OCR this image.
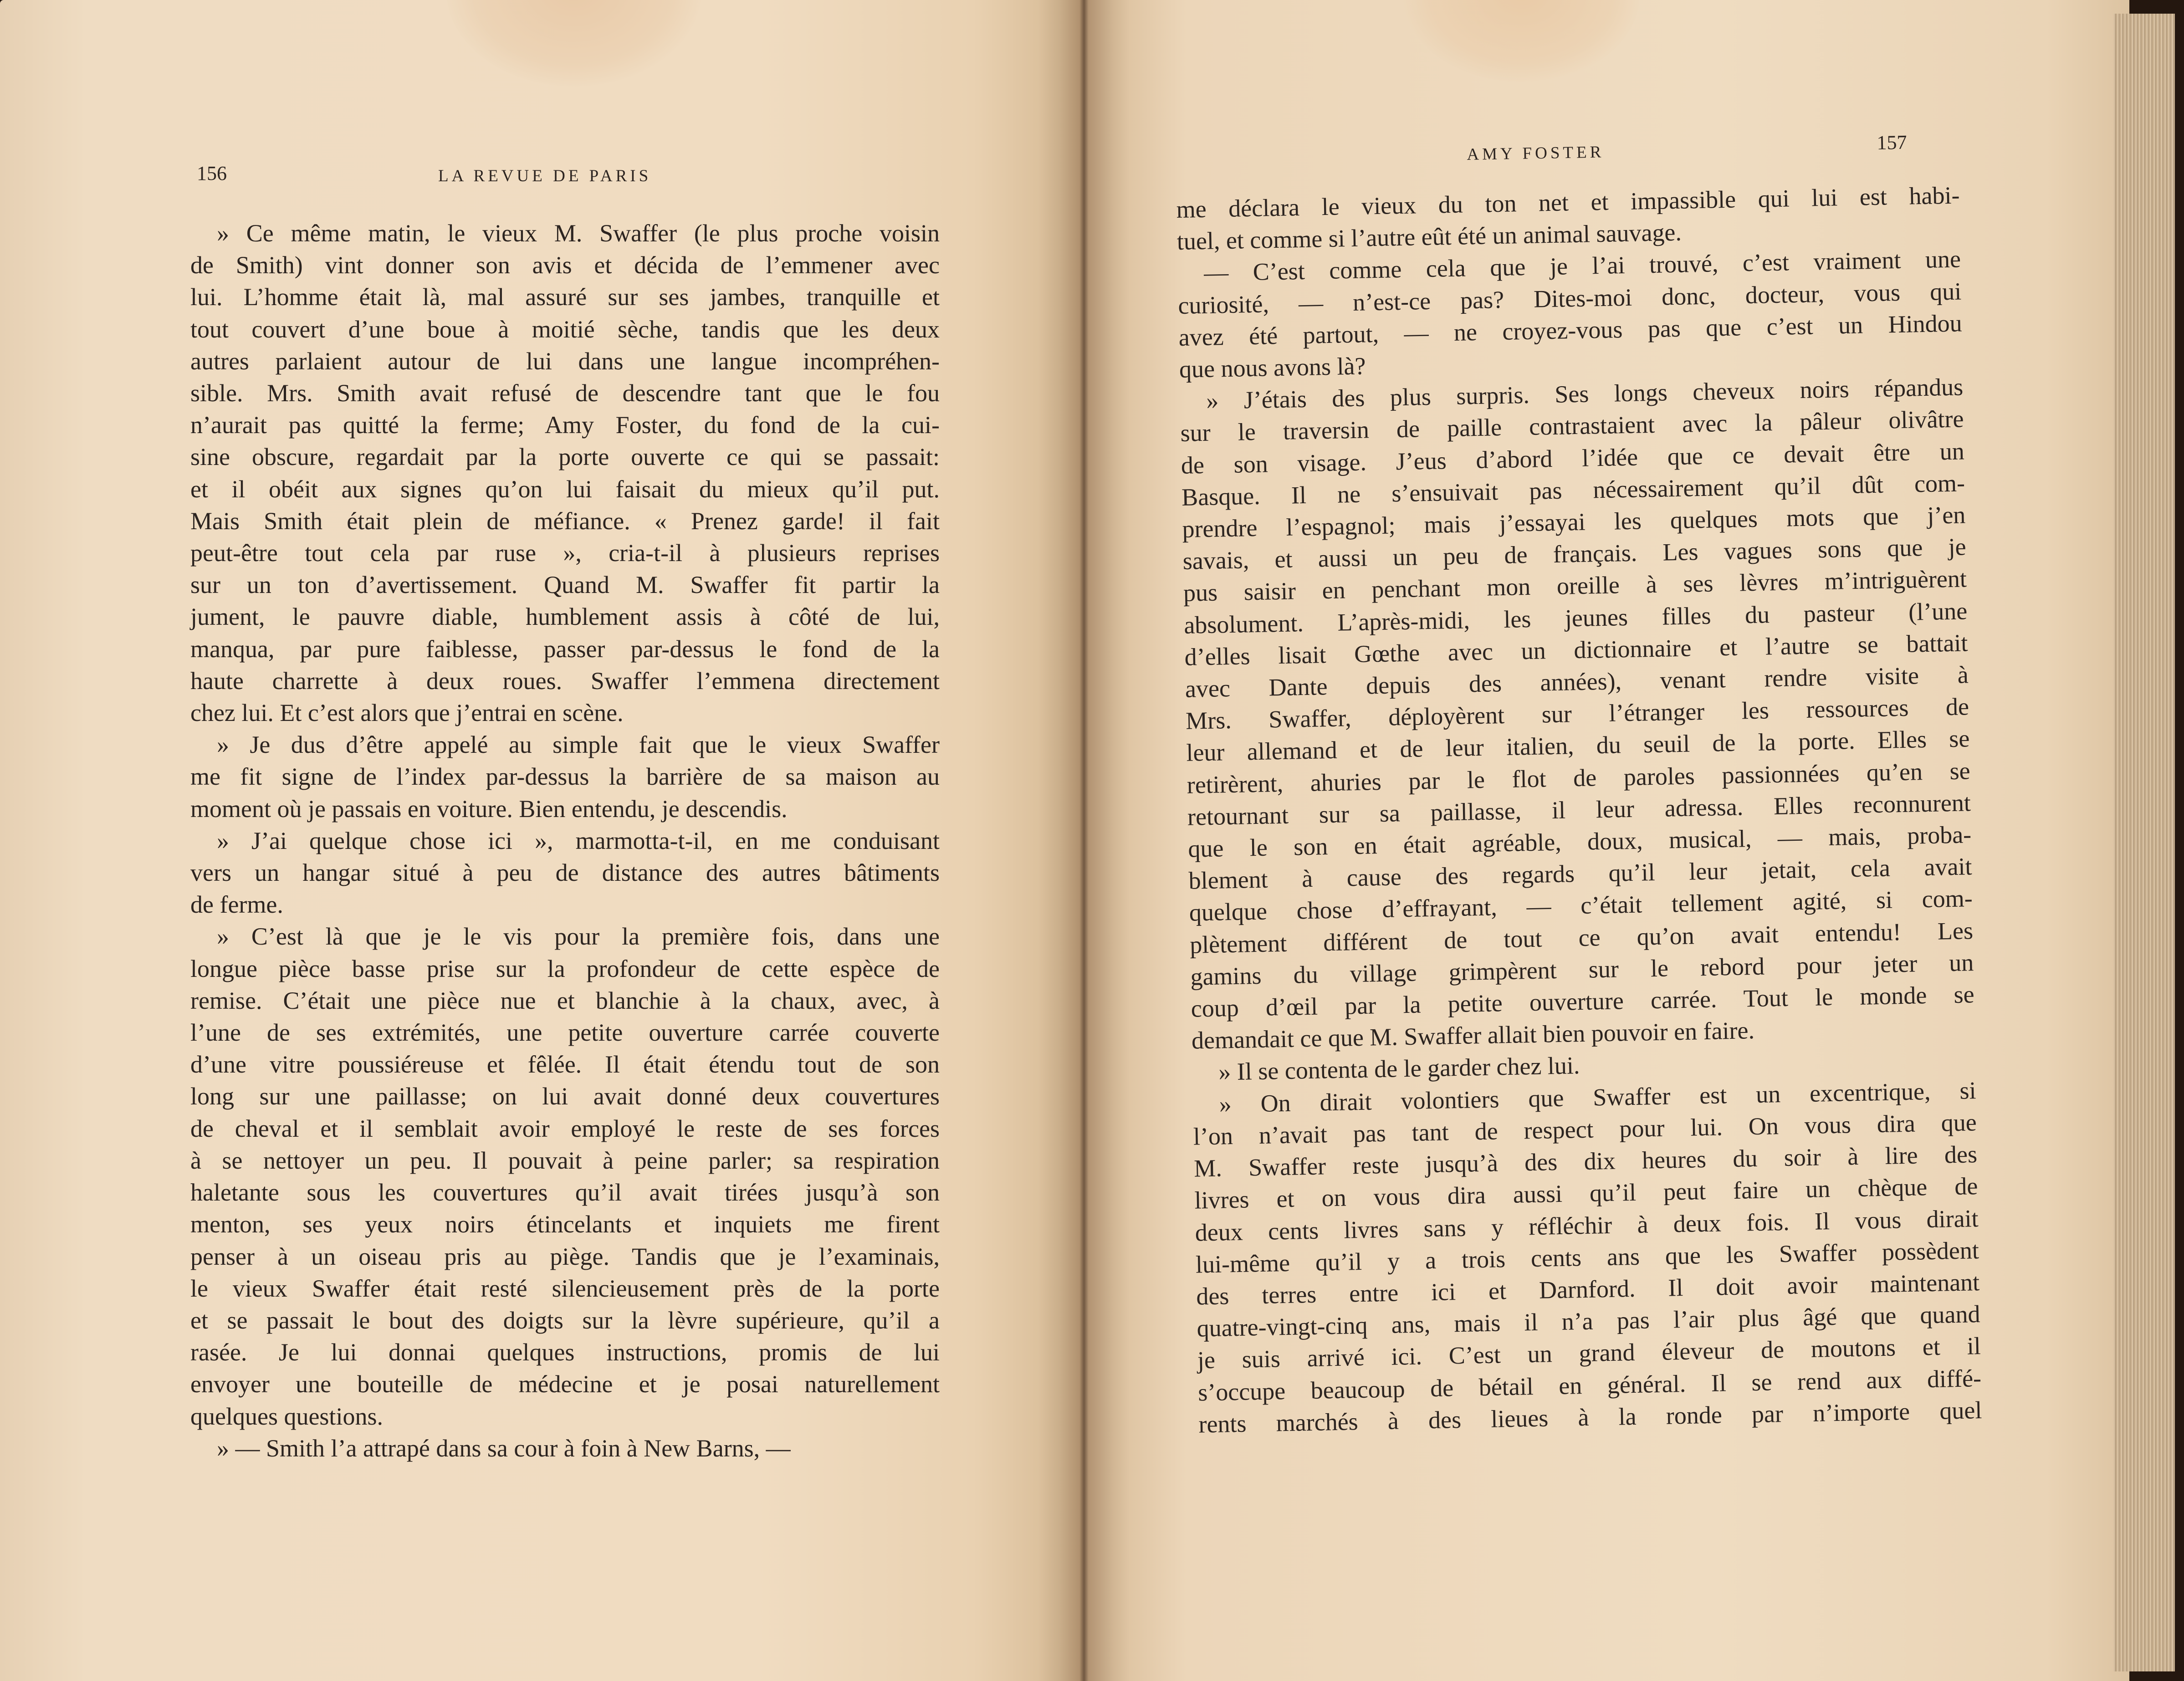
156	LA REVUE DE PARIS
» Ce même matin, le vieux M. Swaffer (le plus proche voisin
de Smith) vint donner son avis et décida de l’emmener avec
lui. L’homme était là, mal assuré sur ses jambes, tranquille et
tout couvert d’une boue à moitié sèche, tandis que les deux
autres parlaient autour de lui dans une langue incompréhen-
sible. Mrs. Smith avait refusé de descendre tant que le fou
n’aurait pas quitté la ferme; Amy Foster, du fond de la cui-
sine obscure, regardait par la porte ouverte ce qui se passait:
et il obéit aux signes qu’on lui faisait du mieux qu’il put.
Mais Smith était plein de méfiance. « Prenez garde! il fait
peut-être tout cela par ruse », cria-t-il à plusieurs reprises
sur un ton d’avertissement. Quand M. Swaffer fit partir la
jument, le pauvre diable, humblement assis à côté de lui,
manqua, par pure faiblesse, passer par-dessus le fond de la
haute charrette à deux roues. Swaffer l’emmena directement
chez lui. Et c’est alors que j’entrai en scène.
» Je dus d’être appelé au simple fait que le vieux Swaffer
me fit signe de l’index par-dessus la barrière de sa maison au
moment où je passais en voiture. Bien entendu, je descendis.
» J’ai quelque chose ici », marmotta-t-il, en me conduisant
vers un hangar situé à peu de distance des autres bâtiments
de ferme.
» C’est là que je le vis pour la première fois, dans une
longue pièce basse prise sur la profondeur de cette espèce de
remise. C’était une pièce nue et blanchie à la chaux, avec, à
l’une de ses extrémités, une petite ouverture carrée couverte
d’une vitre poussiéreuse et fêlée. Il était étendu tout de son
long sur une paillasse; on lui avait donné deux couvertures
de cheval et il semblait avoir employé le reste de ses forces
à se nettoyer un peu. Il pouvait à peine parler; sa respiration
haletante sous les couvertures qu’il avait tirées jusqu’à son
menton, ses yeux noirs étincelants et inquiets me firent
penser à un oiseau pris au piège. Tandis que je l’examinais,
le vieux Swaffer était resté silencieusement près de la porte
et se passait le bout des doigts sur la lèvre supérieure, qu’il a
rasée. Je lui donnai quelques instructions, promis de lui
envoyer une bouteille de médecine et je posai naturellement
quelques questions.
» — Smith l’a attrapé dans sa cour à foin à New Barns, —
AMY FOSTER	157
me déclara le vieux du ton net et impassible qui lui est habi-
tuel, et comme si l’autre eût été un animal sauvage.
— C’est comme cela que je l’ai trouvé, c’est vraiment une
curiosité, — n’est-ce pas? Dites-moi donc, docteur, vous qui
avez été partout, — ne croyez-vous pas que c’est un Hindou
que nous avons là?
» J’étais des plus surpris. Ses longs cheveux noirs répandus
sur le traversin de paille contrastaient avec la pâleur olivâtre
de son visage. J’eus d’abord l’idée que ce devait être un
Basque. Il ne s’ensuivait pas nécessairement qu’il dût com-
prendre l’espagnol; mais j’essayai les quelques mots que j’en
savais, et aussi un peu de français. Les vagues sons que je
pus saisir en penchant mon oreille à ses lèvres m’intriguèrent
absolument. L’après-midi, les jeunes filles du pasteur (l’une
d’elles lisait Gœthe avec un dictionnaire et l’autre se battait
avec Dante depuis des années), venant rendre visite à
Mrs. Swaffer, déployèrent sur l’étranger les ressources de
leur allemand et de leur italien, du seuil de la porte. Elles se
retirèrent, ahuries par le flot de paroles passionnées qu’en se
retournant sur sa paillasse, il leur adressa. Elles reconnurent
que le son en était agréable, doux, musical, — mais, proba-
blement à cause des regards qu’il leur jetait, cela avait
quelque chose d’effrayant, — c’était tellement agité, si com-
plètement différent de tout ce qu’on avait entendu! Les
gamins du village grimpèrent sur le rebord pour jeter un
coup d’œil par la petite ouverture carrée. Tout le monde se
demandait ce que M. Swaffer allait bien pouvoir en faire.
» Il se contenta de le garder chez lui.
» On dirait volontiers que Swaffer est un excentrique, si
l’on n’avait pas tant de respect pour lui. On vous dira que
M. Swaffer reste jusqu’à des dix heures du soir à lire des
livres et on vous dira aussi qu’il peut faire un chèque de
deux cents livres sans y réfléchir à deux fois. Il vous dirait
lui-même qu’il y a trois cents ans que les Swaffer possèdent
des terres entre ici et Darnford. Il doit avoir maintenant
quatre-vingt-cinq ans, mais il n’a pas l’air plus âgé que quand
je suis arrivé ici. C’est un grand éleveur de moutons et il
s’occupe beaucoup de bétail en général. Il se rend aux diffé-
rents marchés à des lieues à la ronde par n’importe quel
